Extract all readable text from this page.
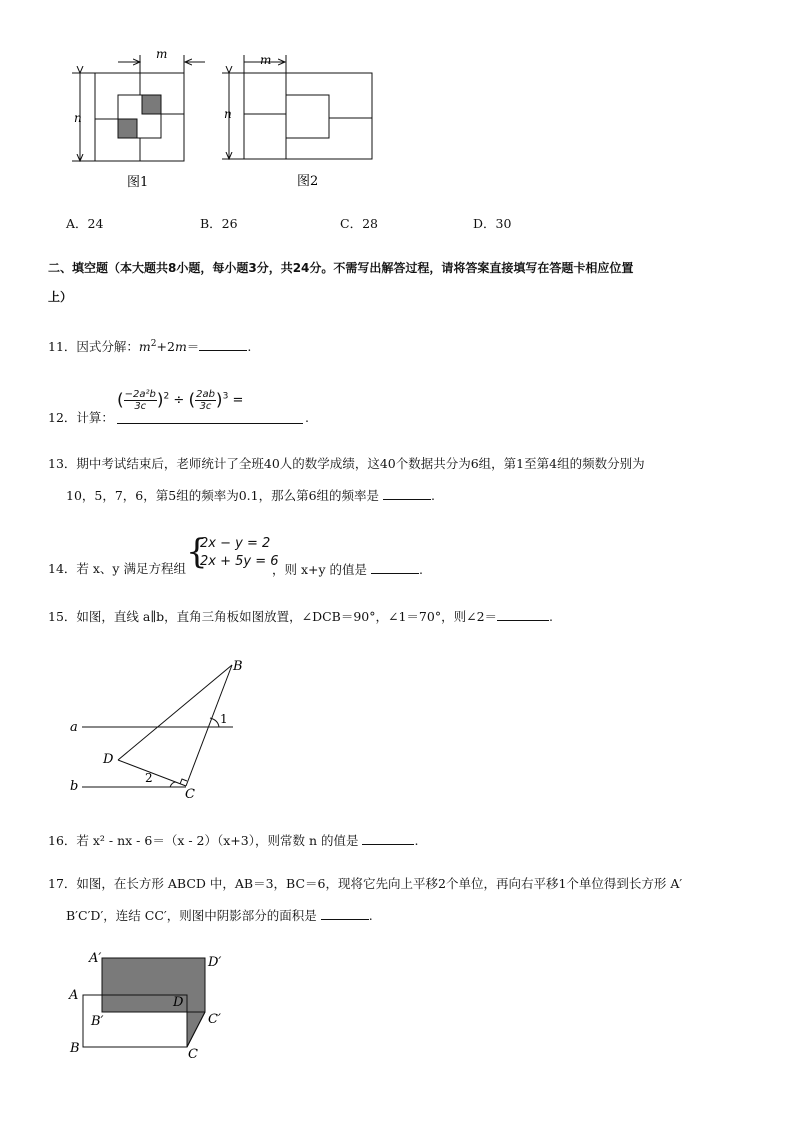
m
n
图1
m
n
图2
A．24	B．26	C．28	D．30
二、填空题（本大题共8小题，每小题3分，共24分。不需写出解答过程，请将答案直接填写在答题卡相应位置
上）
11．因式分解：$m^2+2m=$	.
12．计算：
( $\frac{\text{−2a²b}}{3c} )^2$ ÷ ( $\frac{2ab}{3c} )^3$ =
.
13．期中考试结束后，老师统计了全班40人的数学成绩，这40个数据共分为6组，第1至第4组的频数分别为
10，5，7，6，第5组的频率为0.1，那么第6组的频率是	.
{
2x − y = 2
2x + 5y = 6
14．若 x、y 满足方程组	，则 x+y 的值是	.
15．如图，直线 a∥b，直角三角板如图放置，∠DCB＝90°，∠1＝70°，则∠2＝	.
B
1
a
D
2
b
C
16．若 x² - nx - 6＝（x - 2）（x+3），则常数 n 的值是	.
17．如图，在长方形 ABCD 中，AB＝3，BC＝6，现将它先向上平移2个单位，再向右平移1个单位得到长方形 A′
B′C′D′，连结 CC′，则图中阴影部分的面积是	.
A′	D′
A	D
B′	C′
B	C
